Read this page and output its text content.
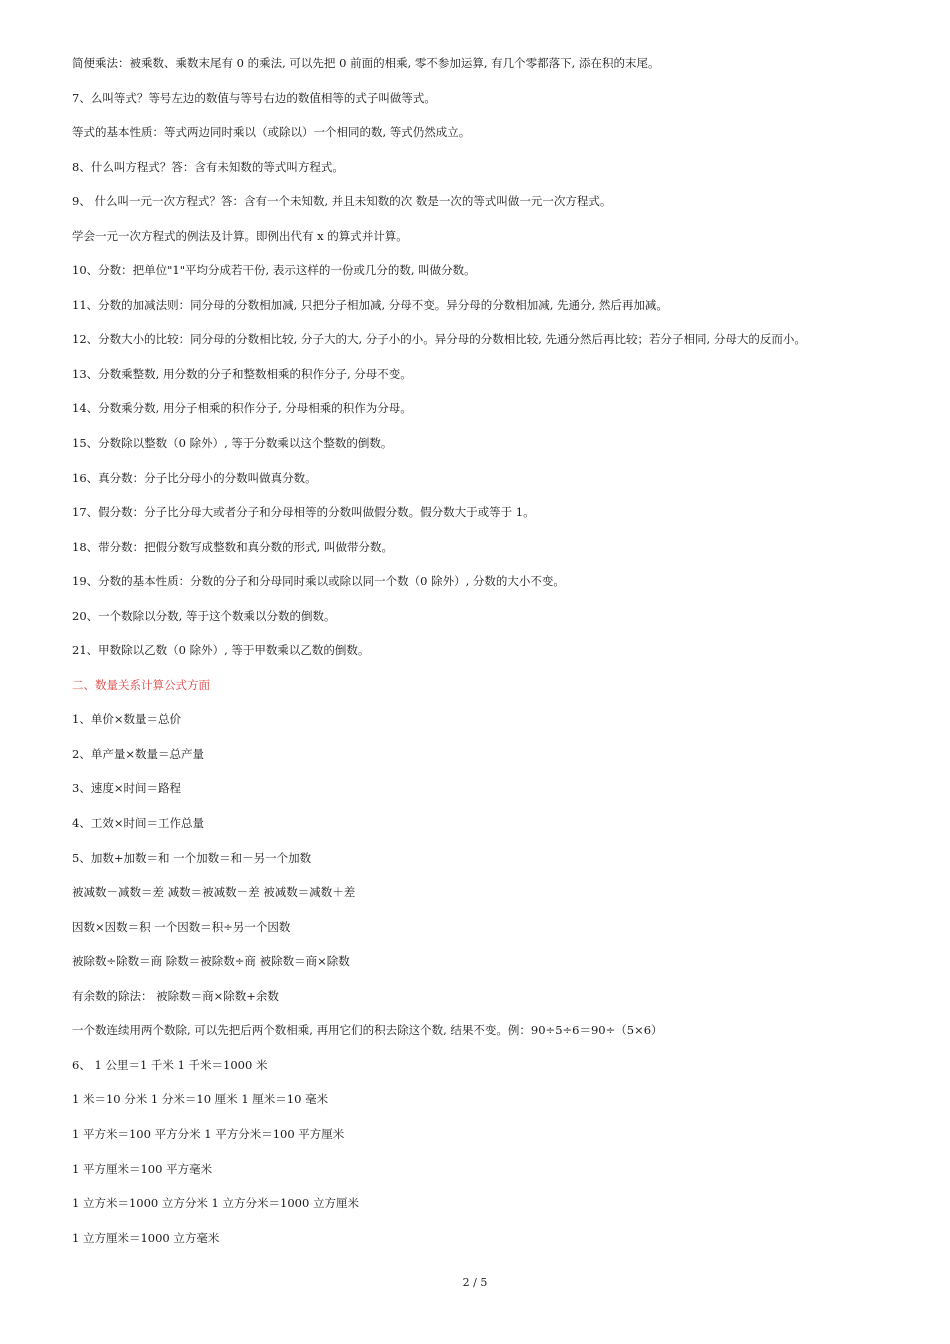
简便乘法：被乘数、乘数末尾有 0 的乘法, 可以先把 0 前面的相乘, 零不参加运算, 有几个零都落下, 添在积的末尾。
7、么叫等式？等号左边的数值与等号右边的数值相等的式子叫做等式。
等式的基本性质：等式两边同时乘以（或除以）一个相同的数, 等式仍然成立。
8、什么叫方程式？答：含有未知数的等式叫方程式。
9、 什么叫一元一次方程式？答：含有一个未知数, 并且未知数的次 数是一次的等式叫做一元一次方程式。
学会一元一次方程式的例法及计算。即例出代有 x 的算式并计算。
10、分数：把单位"1"平均分成若干份, 表示这样的一份或几分的数, 叫做分数。
11、分数的加减法则：同分母的分数相加减, 只把分子相加减, 分母不变。异分母的分数相加减, 先通分, 然后再加减。
12、分数大小的比较：同分母的分数相比较, 分子大的大, 分子小的小。异分母的分数相比较, 先通分然后再比较；若分子相同, 分母大的反而小。
13、分数乘整数, 用分数的分子和整数相乘的积作分子, 分母不变。
14、分数乘分数, 用分子相乘的积作分子, 分母相乘的积作为分母。
15、分数除以整数（0 除外）, 等于分数乘以这个整数的倒数。
16、真分数：分子比分母小的分数叫做真分数。
17、假分数：分子比分母大或者分子和分母相等的分数叫做假分数。假分数大于或等于 1。
18、带分数：把假分数写成整数和真分数的形式, 叫做带分数。
19、分数的基本性质：分数的分子和分母同时乘以或除以同一个数（0 除外）, 分数的大小不变。
20、一个数除以分数, 等于这个数乘以分数的倒数。
21、甲数除以乙数（0 除外）, 等于甲数乘以乙数的倒数。
二、数量关系计算公式方面
1、单价×数量＝总价
2、单产量×数量＝总产量
3、速度×时间＝路程
4、工效×时间＝工作总量
5、加数+加数＝和 一个加数＝和－另一个加数
被减数－减数＝差 减数＝被减数－差 被减数＝减数＋差
因数×因数＝积 一个因数＝积÷另一个因数
被除数÷除数＝商 除数＝被除数÷商 被除数＝商×除数
有余数的除法： 被除数＝商×除数+余数
一个数连续用两个数除, 可以先把后两个数相乘, 再用它们的积去除这个数, 结果不变。例：90÷5÷6＝90÷（5×6）
6、 1 公里＝1 千米 1 千米＝1000 米
1 米＝10 分米 1 分米＝10 厘米 1 厘米＝10 毫米
1 平方米＝100 平方分米 1 平方分米＝100 平方厘米
1 平方厘米＝100 平方毫米
1 立方米＝1000 立方分米 1 立方分米＝1000 立方厘米
1 立方厘米＝1000 立方毫米
2 / 5
